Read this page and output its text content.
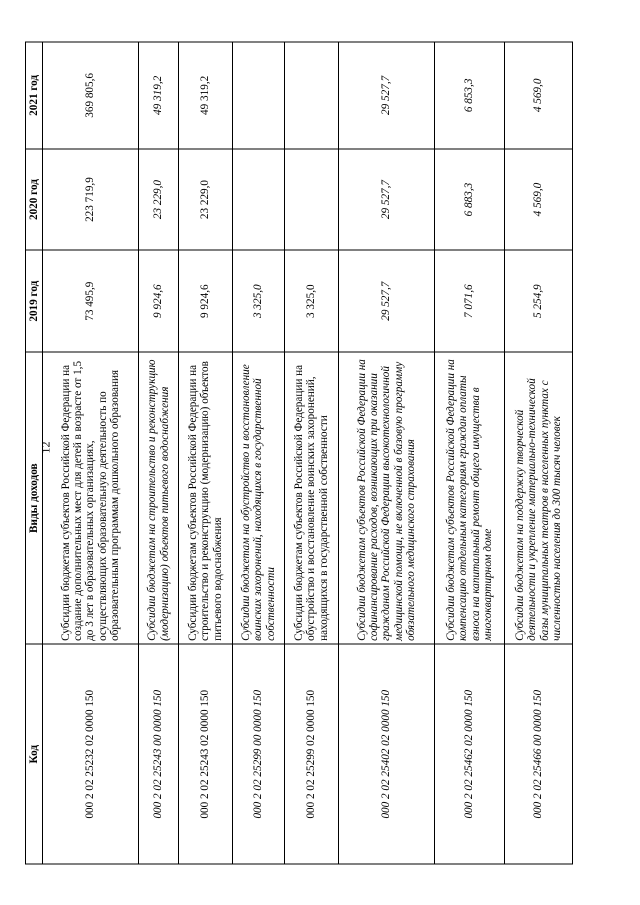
12
Код	Виды доходов	2019 год	2020 год	2021 год
000 2 02 25232 02 0000 150	Субсидии бюджетам субъектов Российской Федерации на создание дополнительных мест для детей в возрасте от 1,5 до 3 лет в образовательных организациях, осуществляющих образовательную деятельность по образовательным программам дошкольного образования	73 495,9	223 719,9	369 805,6
000 2 02 25243 00 0000 150	Субсидии бюджетам на строительство и реконструкцию (модернизацию) объектов питьевого водоснабжения	9 924,6	23 229,0	49 319,2
000 2 02 25243 02 0000 150	Субсидии бюджетам субъектов Российской Федерации на строительство и реконструкцию (модернизацию) объектов питьевого водоснабжения	9 924,6	23 229,0	49 319,2
000 2 02 25299 00 0000 150	Субсидии бюджетам на обустройство и восстановление воинских захоронений, находящихся в государственной собственности	3 325,0		
000 2 02 25299 02 0000 150	Субсидии бюджетам субъектов Российской Федерации на обустройство и восстановление воинских захоронений, находящихся в государственной собственности	3 325,0		
000 2 02 25402 02 0000 150	Субсидии бюджетам субъектов Российской Федерации на софинансирование расходов, возникающих при оказании гражданам Российской Федерации высокотехнологичной медицинской помощи, не включенной в базовую программу обязательного медицинского страхования	29 527,7	29 527,7	29 527,7
000 2 02 25462 02 0000 150	Субсидии бюджетам субъектов Российской Федерации на компенсацию отдельным категориям граждан оплаты взноса на капитальный ремонт общего имущества в многоквартирном доме	7 071,6	6 883,3	6 853,3
000 2 02 25466 00 0000 150	Субсидии бюджетам на поддержку творческой деятельности и укрепление материально-технической базы муниципальных театров в населенных пунктах с численностью населения до 300 тысяч человек	5 254,9	4 569,0	4 569,0
